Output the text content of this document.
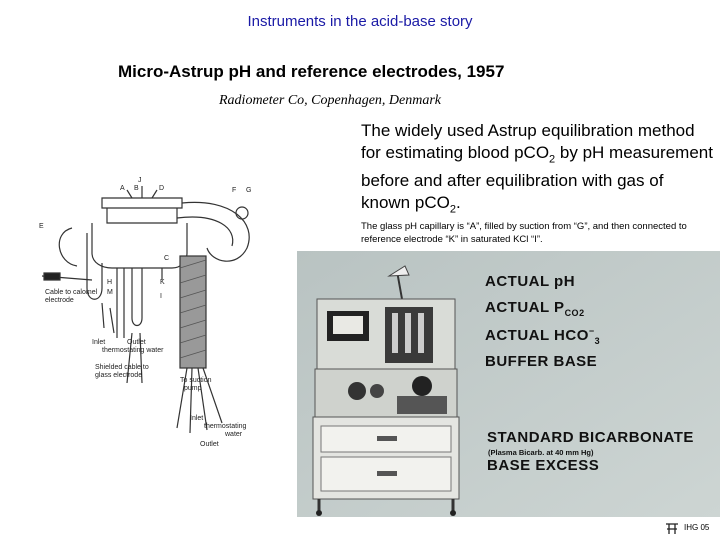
Instruments in the acid-base story
Micro-Astrup pH and reference electrodes, 1957
Radiometer Co, Copenhagen, Denmark
The widely used Astrup equilibration method for estimating blood pCO$_2$ by pH measurement before and after equilibration with gas of known pCO$_2$.
The glass pH capillary is “A”, filled by suction from “G”, and then connected to reference electrode “K” in saturated KCl “I”.
J
A B	D	F G
E
C
H
M
I
K
Cable to calomel
electrode
Inlet	Outlet
thermostating water
Shielded cable to
glass electrode
To suction
pump
Inlet
thermostating
water
Outlet
ACTUAL pH
ACTUAL $P_{CO2}$
ACTUAL $HCO^-_3$
BUFFER BASE
STANDARD BICARBONATE
(Plasma Bicarb. at 40 mm Hg)
BASE EXCESS
IHG 05
